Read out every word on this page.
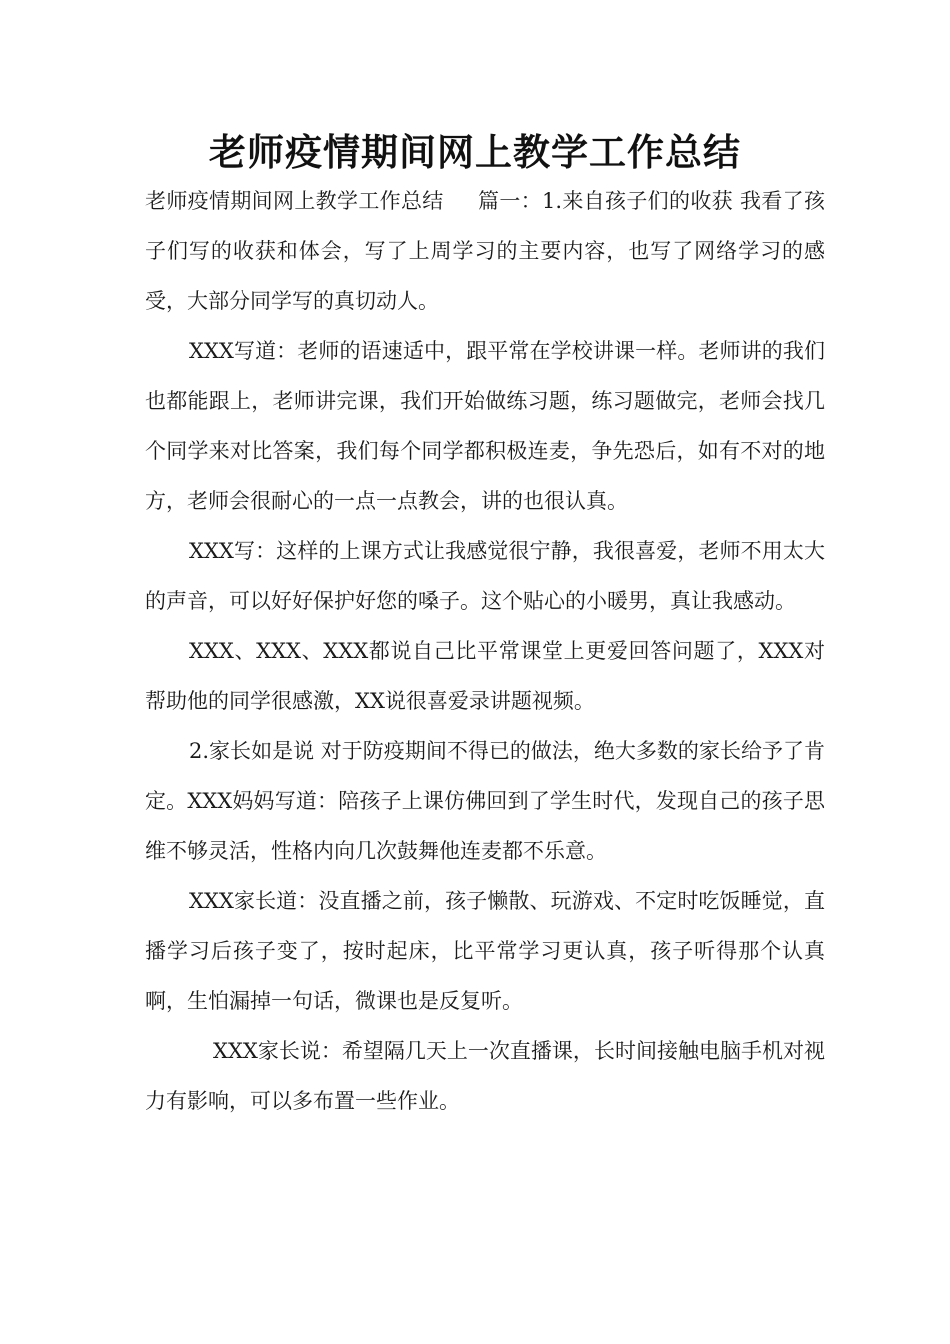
老师疫情期间网上教学工作总结

老师疫情期间网上教学工作总结 篇一：1.来自孩子们的收获 我看了孩子们写的收获和体会，写了上周学习的主要内容，也写了网络学习的感受，大部分同学写的真切动人。

XXX写道：老师的语速适中，跟平常在学校讲课一样。老师讲的我们也都能跟上，老师讲完课，我们开始做练习题，练习题做完，老师会找几个同学来对比答案，我们每个同学都积极连麦，争先恐后，如有不对的地方，老师会很耐心的一点一点教会，讲的也很认真。

XXX写：这样的上课方式让我感觉很宁静，我很喜爱，老师不用太大的声音，可以好好保护好您的嗓子。这个贴心的小暖男，真让我感动。

XXX、XXX、XXX都说自己比平常课堂上更爱回答问题了，XXX对帮助他的同学很感激，XX说很喜爱录讲题视频。

2.家长如是说 对于防疫期间不得已的做法，绝大多数的家长给予了肯定。XXX妈妈写道：陪孩子上课仿佛回到了学生时代，发现自己的孩子思维不够灵活，性格内向几次鼓舞他连麦都不乐意。

XXX家长道：没直播之前，孩子懒散、玩游戏、不定时吃饭睡觉，直播学习后孩子变了，按时起床，比平常学习更认真，孩子听得那个认真啊，生怕漏掉一句话，微课也是反复听。

XXX家长说：希望隔几天上一次直播课，长时间接触电脑手机对视力有影响，可以多布置一些作业。
